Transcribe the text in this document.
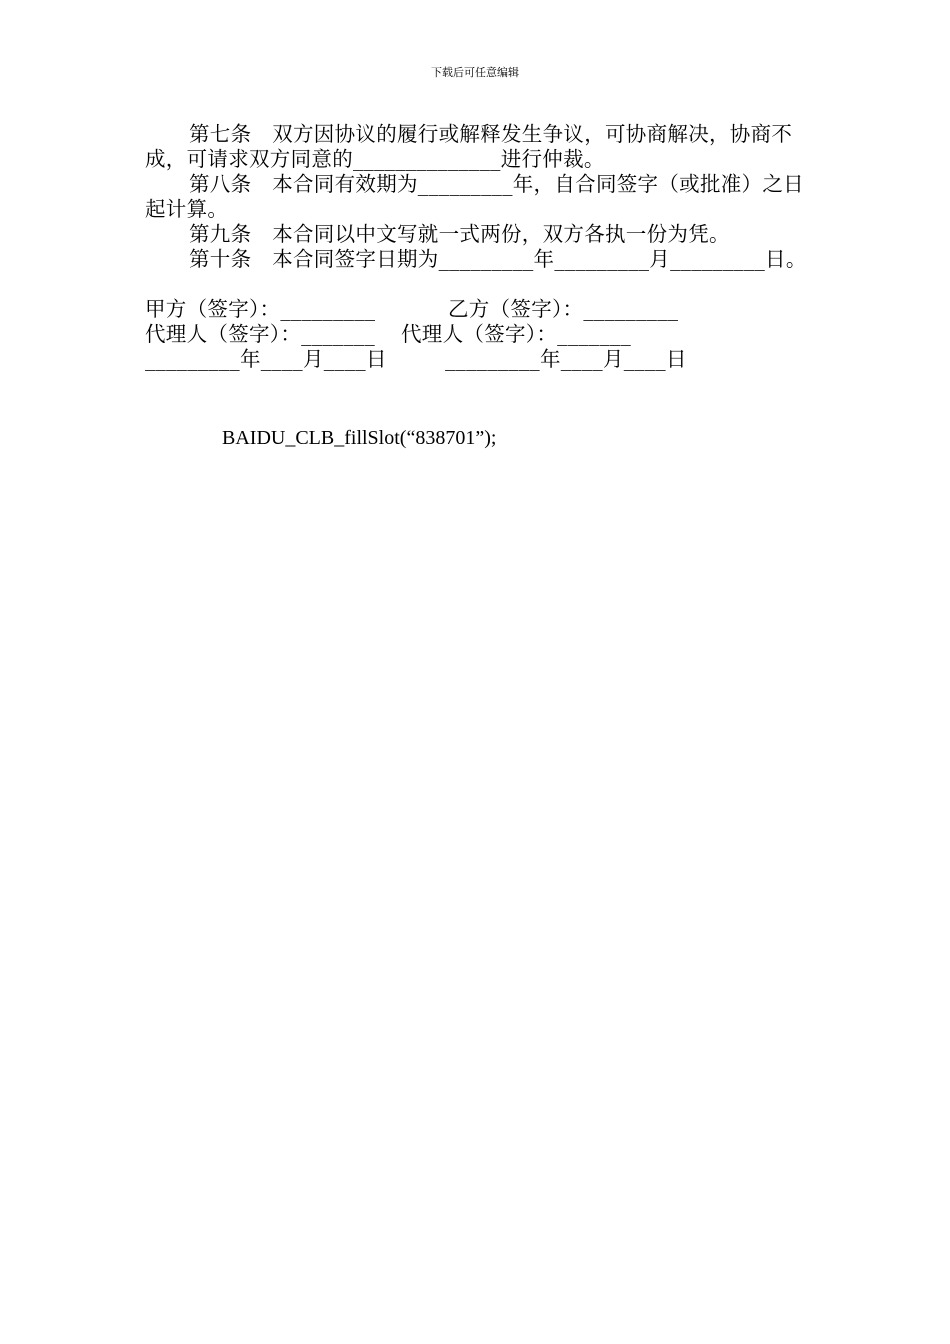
下载后可任意编辑

第七条　双方因协议的履行或解释发生争议，可协商解决，协商不成，可请求双方同意的______________进行仲裁。

第八条　本合同有效期为_________年，自合同签字（或批准）之日起计算。

第九条　本合同以中文写就一式两份，双方各执一份为凭。

第十条　本合同签字日期为_________年_________月_________日。

甲方（签字）：_________

	乙方（签字）：_________

代理人（签字）：_______

代理人（签字）：_______

_________年____月____日

	_________年____月____日

BAIDU_CLB_fillSlot(“838701”);
